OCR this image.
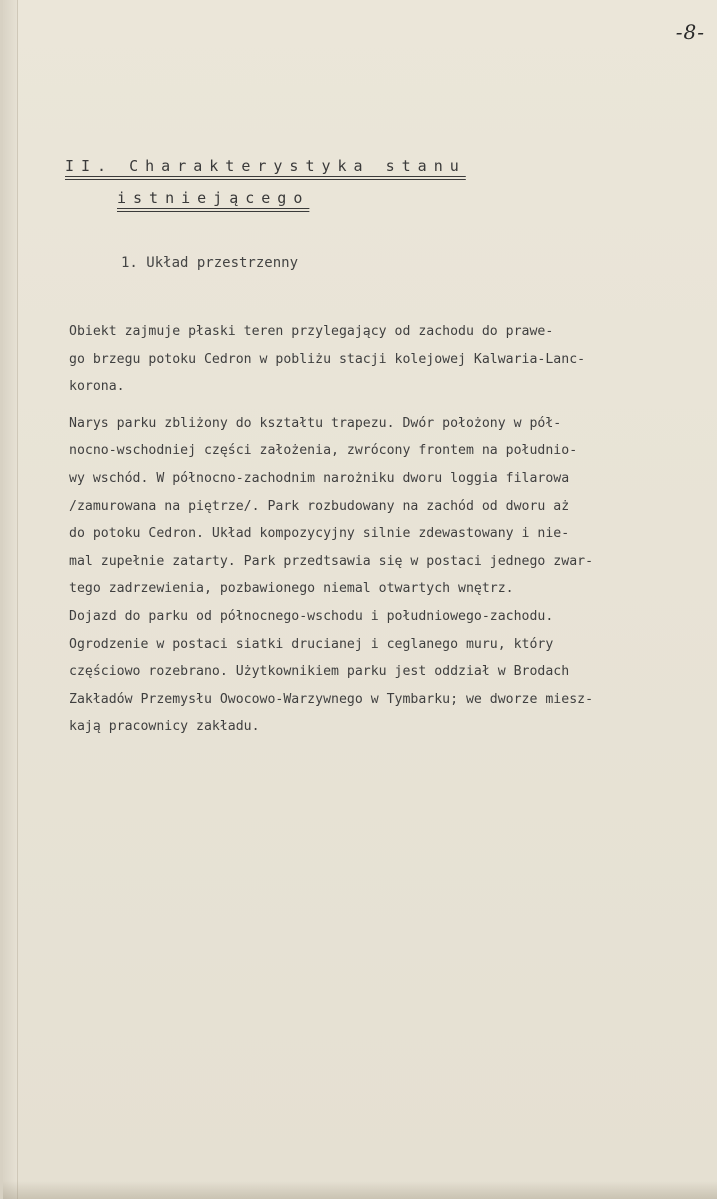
-8-
II. Charakterystyka stanu
istniejącego
1. Układ przestrzenny
Obiekt zajmuje płaski teren przylegający od zachodu do prawe-
go brzegu potoku Cedron w pobliżu stacji kolejowej Kalwaria-Lanc-
korona.
Narys parku zbliżony do kształtu trapezu. Dwór położony w pół-
nocno-wschodniej części założenia, zwrócony frontem na południo-
wy wschód. W północno-zachodnim narożniku dworu loggia filarowa
/zamurowana na piętrze/. Park rozbudowany na zachód od dworu aż
do potoku Cedron. Układ kompozycyjny silnie zdewastowany i nie-
mal zupełnie zatarty. Park przedtsawia się w postaci jednego zwar-
tego zadrzewienia, pozbawionego niemal otwartych wnętrz.
Dojazd do parku od północnego-wschodu i południowego-zachodu.
Ogrodzenie w postaci siatki drucianej i ceglanego muru, który
częściowo rozebrano. Użytkownikiem parku jest oddział w Brodach
Zakładów Przemysłu Owocowo-Warzywnego w Tymbarku; we dworze miesz-
kają pracownicy zakładu.
